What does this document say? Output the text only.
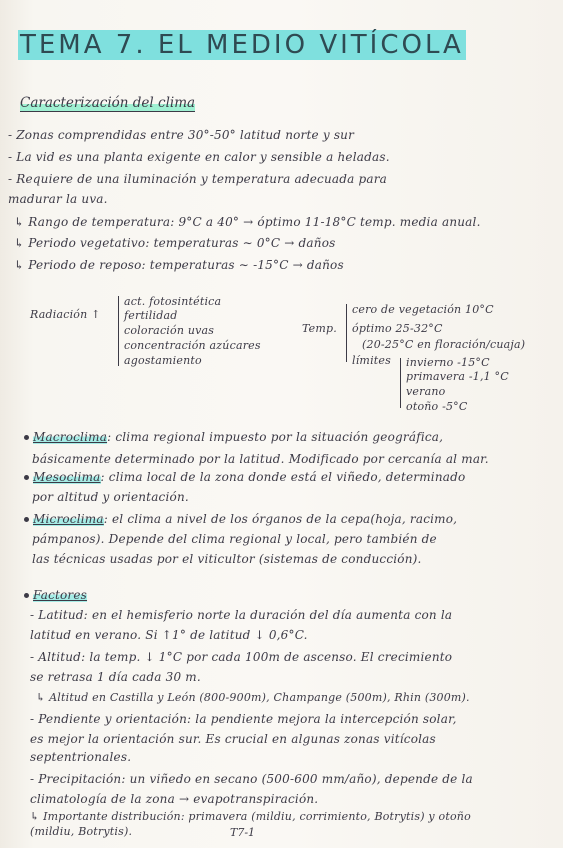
TEMA 7. EL MEDIO VITÍCOLA
Caracterización del clima
- Zonas comprendidas entre 30°-50° latitud norte y sur
- La vid es una planta exigente en calor y sensible a heladas.
- Requiere de una iluminación y temperatura adecuada para
madurar la uva.
↳ Rango de temperatura: 9°C a 40° → óptimo 11-18°C temp. media anual.
↳ Periodo vegetativo: temperaturas ∼ 0°C → daños
↳ Periodo de reposo: temperaturas ∼ -15°C → daños
Radiación ↑
act. fotosintética
fertilidad
coloración uvas
concentración azúcares
agostamiento
Temp.
cero de vegetación 10°C
óptimo 25-32°C
(20-25°C en floración/cuaja)
límites invierno -15°C
primavera -1,1 °C
verano
otoño -5°C
Macroclima: clima regional impuesto por la situación geográfica,
básicamente determinado por la latitud. Modificado por cercanía al mar.
Mesoclima: clima local de la zona donde está el viñedo, determinado
por altitud y orientación.
Microclima: el clima a nivel de los órganos de la cepa(hoja, racimo,
pámpanos). Depende del clima regional y local, pero también de
las técnicas usadas por el viticultor (sistemas de conducción).
Factores
- Latitud: en el hemisferio norte la duración del día aumenta con la
latitud en verano. Si ↑1° de latitud ↓ 0,6°C.
- Altitud: la temp. ↓ 1°C por cada 100m de ascenso. El crecimiento
se retrasa 1 día cada 30 m.
↳ Altitud en Castilla y León (800-900m), Champange (500m), Rhin (300m).
- Pendiente y orientación: la pendiente mejora la intercepción solar,
es mejor la orientación sur. Es crucial en algunas zonas vitícolas
septentrionales.
- Precipitación: un viñedo en secano (500-600 mm/año), depende de la
climatología de la zona → evapotranspiración.
↳ Importante distribución: primavera (mildiu, corrimiento, Botrytis) y otoño
(mildiu, Botrytis).	T7-1
